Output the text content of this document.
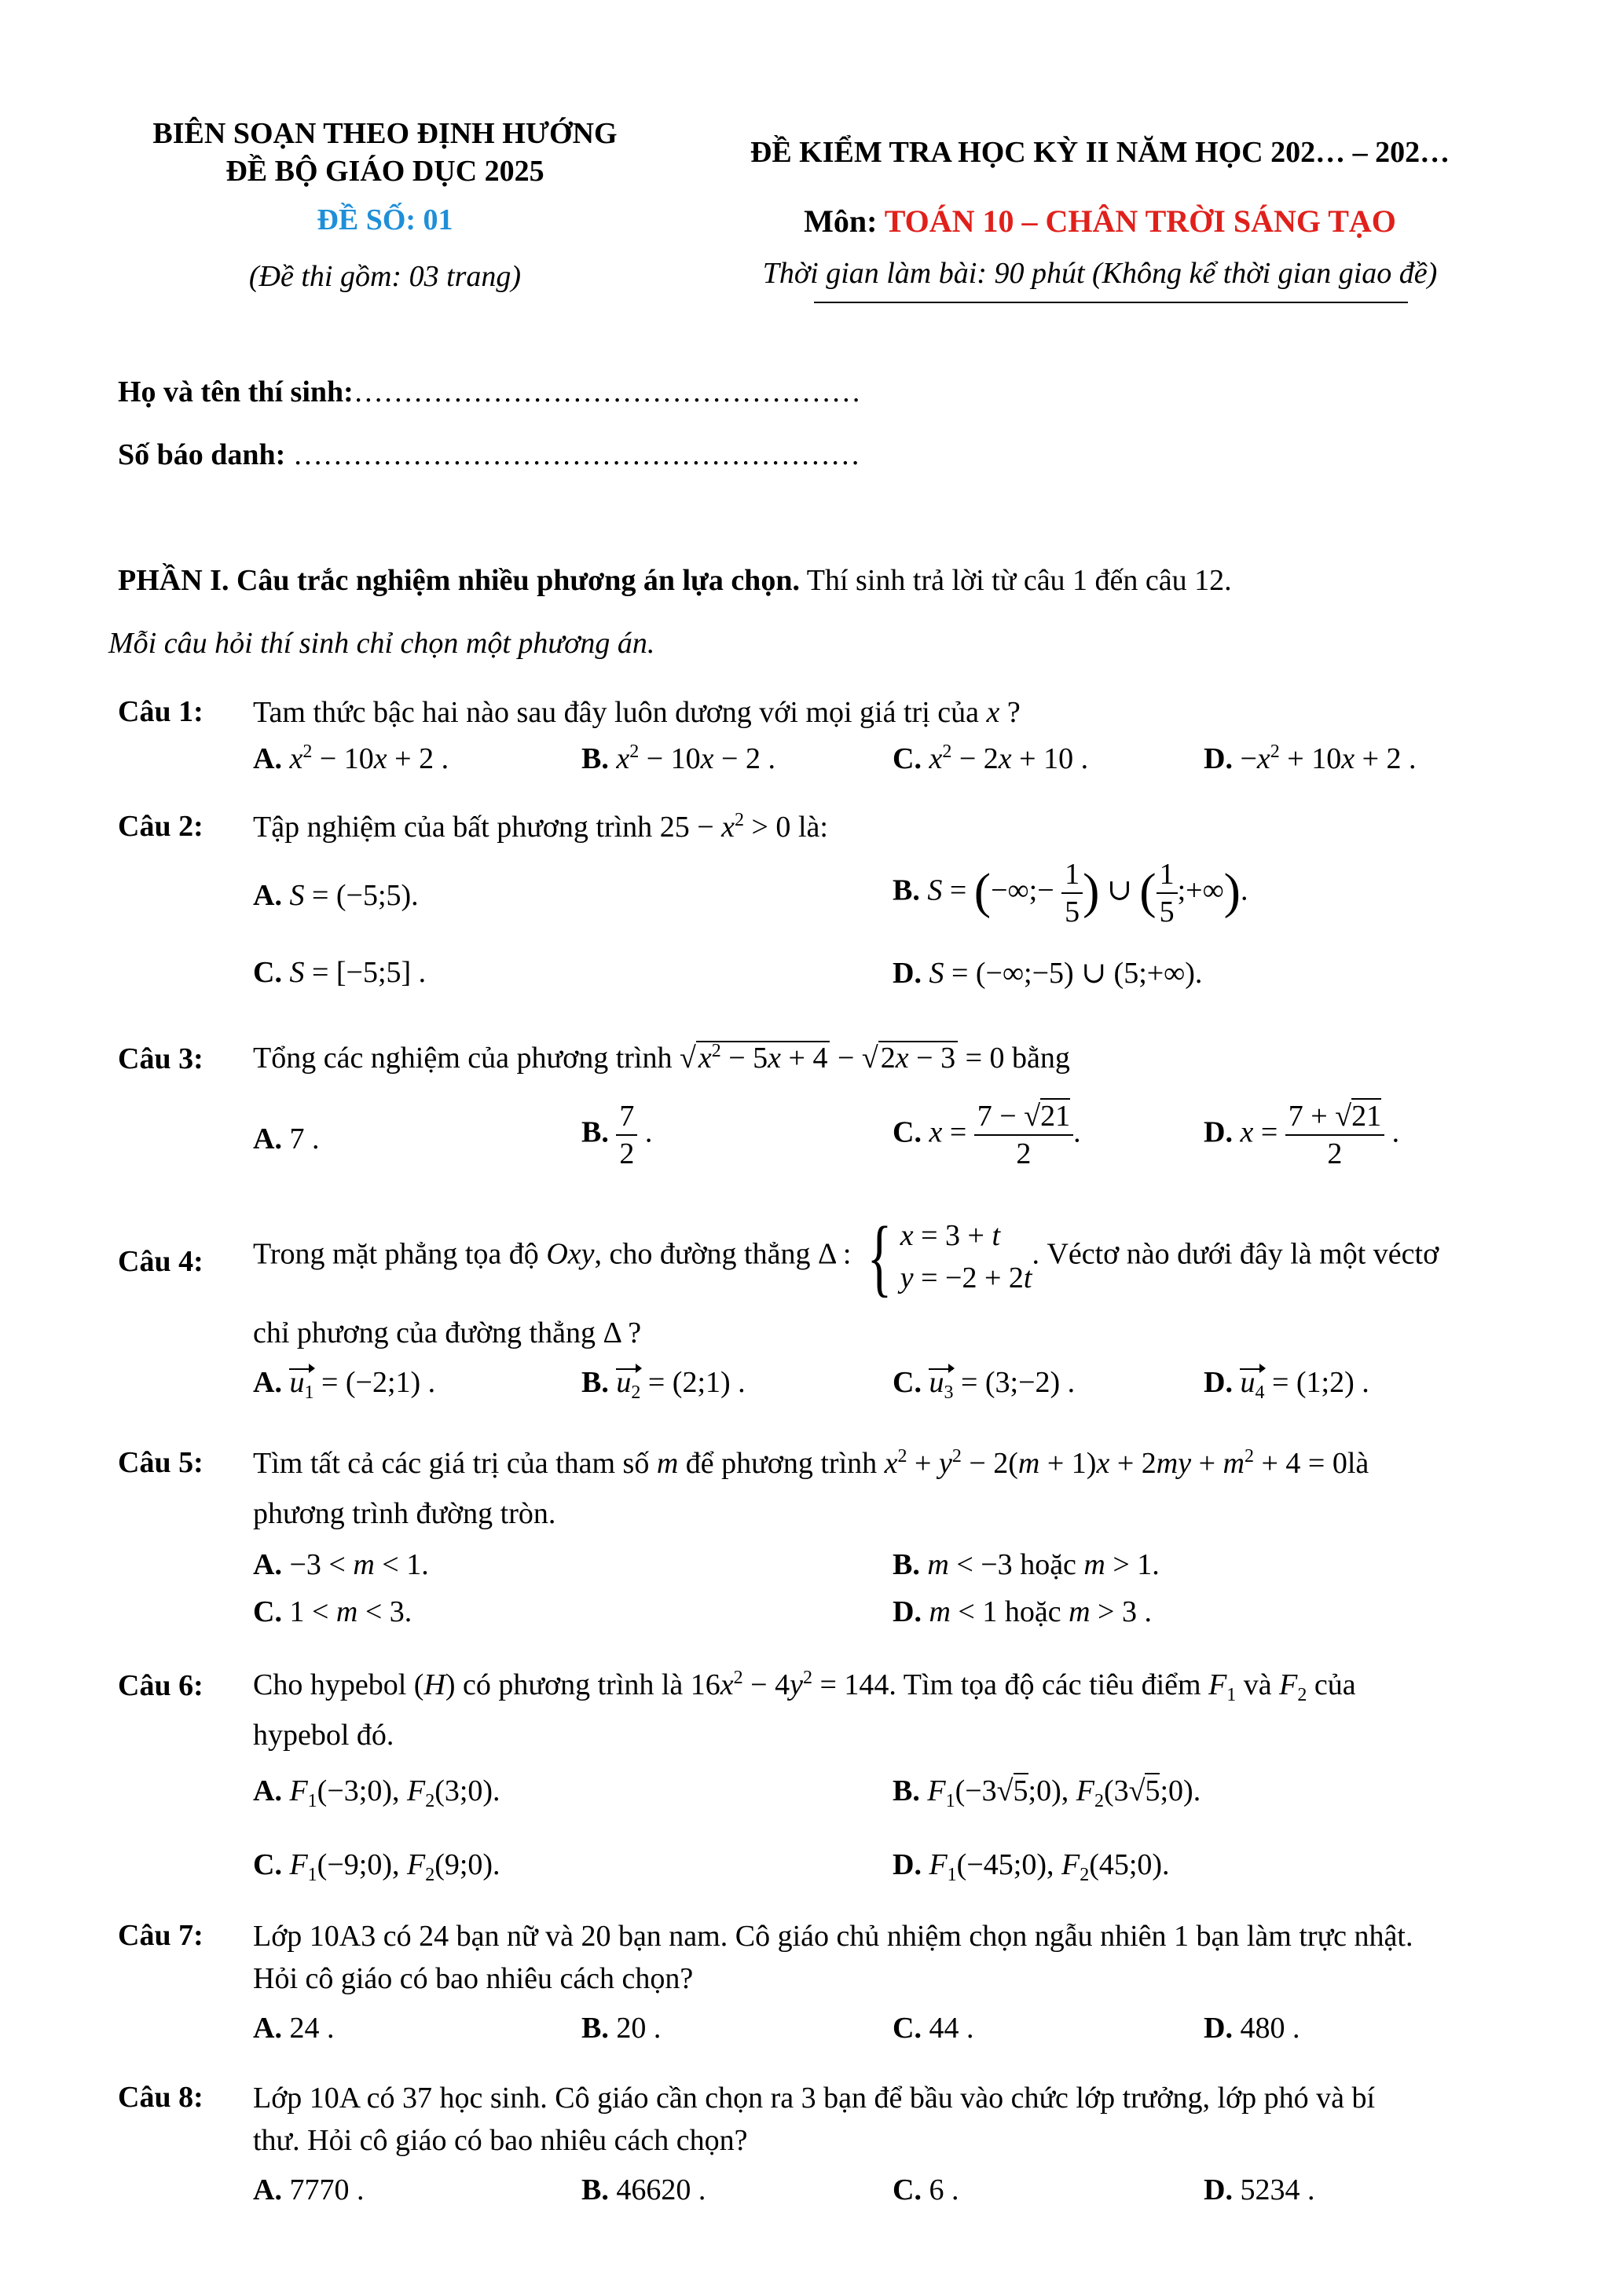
BIÊN SOẠN THEO ĐỊNH HƯỚNG
ĐỀ BỘ GIÁO DỤC 2025
ĐỀ SỐ: 01
(Đề thi gồm: 03 trang)
ĐỀ KIỂM TRA HỌC KỲ II NĂM HỌC 202… – 202…
Môn: TOÁN 10 – CHÂN TRỜI SÁNG TẠO
Thời gian làm bài: 90 phút (Không kể thời gian giao đề)
Họ và tên thí sinh:……………………………………………
Số báo danh: …………………………………………………
PHẦN I. Câu trắc nghiệm nhiều phương án lựa chọn. Thí sinh trả lời từ câu 1 đến câu 12.
Mỗi câu hỏi thí sinh chỉ chọn một phương án.
Câu 1: Tam thức bậc hai nào sau đây luôn dương với mọi giá trị của x ?
A. $x^2 - 10x + 2$ .	B. $x^2 - 10x - 2$ .	C. $x^2 - 2x + 10$ .	D. $-x^2 + 10x + 2$ .
Câu 2: Tập nghiệm của bất phương trình $25 - x^2 > 0$ là:
A. S = (−5;5).	B. S = (−∞;− $\frac{1}{5}$ ) ∪ ( $\frac{1}{5}$ ;+∞).
C. S = [−5;5] .	D. S = (−∞;−5) ∪ (5;+∞).
Câu 3: Tổng các nghiệm của phương trình $√x^2 - 5x + 4 - √2x - 3 = 0$ bằng
A. 7 .	B. $\frac{7}{2}$ .	C. $x = \frac{7 - √21}{2}$ .	D. $x = \frac{7 + √21}{2}$ .
Câu 4: Trong mặt phẳng tọa độ Oxy, cho đường thẳng Δ : { x = 3 + t
y = −2 + 2t. Véctơ nào dưới đây là một véctơ
chỉ phương của đường thẳng Δ ?
A. $u_1$ = (−2;1) .	B. $u_2$ = (2;1) .	C. $u_3$ = (3;−2) .	D. $u_4$ = (1;2) .
Câu 5: Tìm tất cả các giá trị của tham số m để phương trình $x^2 + y^2 - 2(m + 1)x + 2my + m^2 + 4$ = 0là
phương trình đường tròn.
A. −3 < m < 1.	B. m < −3 hoặc m > 1.
C. 1 < m < 3.	D. m < 1 hoặc m > 3 .
Câu 6: Cho hypebol (H) có phương trình là $16x^2 - 4y^2 = 144$. Tìm tọa độ các tiêu điểm $F_1$ và $F_2$ của
hypebol đó.
A. $F_1(-3;0)$, $F_2(3;0)$.	B. $F_1(-3√5;0)$, $F_2(3√5;0)$.
C. $F_1(-9;0)$, $F_2(9;0)$.	D. $F_1(-45;0)$, $F_2(45;0)$.
Câu 7: Lớp 10A3 có 24 bạn nữ và 20 bạn nam. Cô giáo chủ nhiệm chọn ngẫu nhiên 1 bạn làm trực nhật.
Hỏi cô giáo có bao nhiêu cách chọn?
A. 24 .	B. 20 .	C. 44 .	D. 480 .
Câu 8: Lớp 10A có 37 học sinh. Cô giáo cần chọn ra 3 bạn để bầu vào chức lớp trưởng, lớp phó và bí
thư. Hỏi cô giáo có bao nhiêu cách chọn?
A. 7770 .	B. 46620 .	C. 6 .	D. 5234 .
